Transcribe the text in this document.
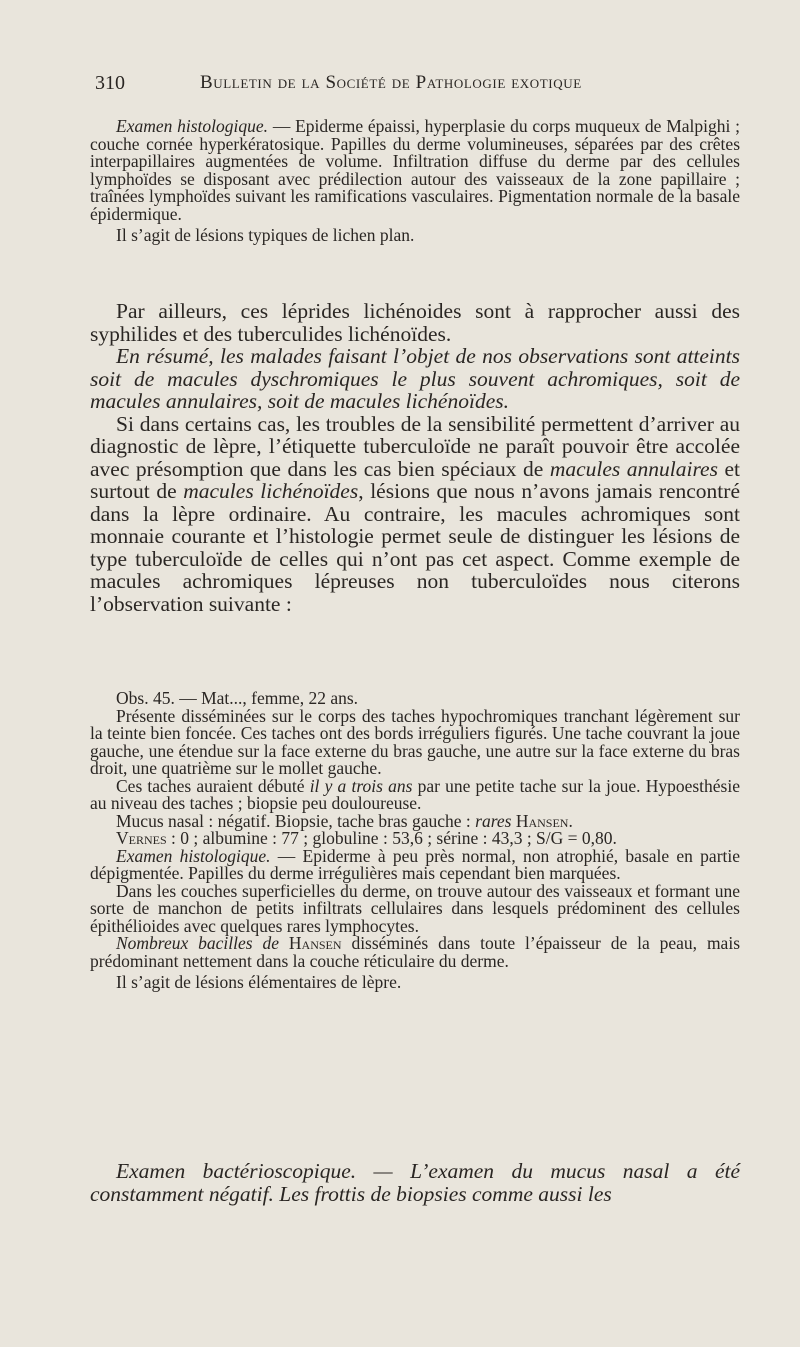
310	Bulletin de la Société de Pathologie exotique

Examen histologique. — Epiderme épaissi, hyperplasie du corps muqueux de Malpighi ; couche cornée hyperkératosique. Papilles du derme volumineuses, séparées par des crêtes interpapillaires augmentées de volume. Infiltration diffuse du derme par des cellules lymphoïdes se disposant avec prédilection autour des vaisseaux de la zone papillaire ; traînées lymphoïdes suivant les ramifications vasculaires. Pigmentation normale de la basale épidermique.

Il s’agit de lésions typiques de lichen plan.

Par ailleurs, ces léprides lichénoides sont à rapprocher aussi des syphilides et des tuberculides lichénoïdes.

En résumé, les malades faisant l’objet de nos observations sont atteints soit de macules dyschromiques le plus souvent achromiques, soit de macules annulaires, soit de macules lichénoïdes.

Si dans certains cas, les troubles de la sensibilité permettent d’arriver au diagnostic de lèpre, l’étiquette tuberculoïde ne paraît pouvoir être accolée avec présomption que dans les cas bien spéciaux de macules annulaires et surtout de macules lichénoïdes, lésions que nous n’avons jamais rencontré dans la lèpre ordinaire. Au contraire, les macules achromiques sont monnaie courante et l’histologie permet seule de distinguer les lésions de type tuberculoïde de celles qui n’ont pas cet aspect. Comme exemple de macules achromiques lépreuses non tuberculoïdes nous citerons l’observation suivante :

Obs. 45. — Mat..., femme, 22 ans.

Présente disséminées sur le corps des taches hypochromiques tranchant légèrement sur la teinte bien foncée. Ces taches ont des bords irréguliers figurés. Une tache couvrant la joue gauche, une étendue sur la face externe du bras gauche, une autre sur la face externe du bras droit, une quatrième sur le mollet gauche.

Ces taches auraient débuté il y a trois ans par une petite tache sur la joue. Hypoesthésie au niveau des taches ; biopsie peu douloureuse.

Mucus nasal : négatif. Biopsie, tache bras gauche : rares Hansen.

Vernes : 0 ; albumine : 77 ; globuline : 53,6 ; sérine : 43,3 ; S/G = 0,80.

Examen histologique. — Epiderme à peu près normal, non atrophié, basale en partie dépigmentée. Papilles du derme irrégulières mais cependant bien marquées.

Dans les couches superficielles du derme, on trouve autour des vaisseaux et formant une sorte de manchon de petits infiltrats cellulaires dans lesquels prédominent des cellules épithélioides avec quelques rares lymphocytes.

Nombreux bacilles de Hansen disséminés dans toute l’épaisseur de la peau, mais prédominant nettement dans la couche réticulaire du derme.

Il s’agit de lésions élémentaires de lèpre.

Examen bactérioscopique. — L’examen du mucus nasal a été constamment négatif. Les frottis de biopsies comme aussi les
